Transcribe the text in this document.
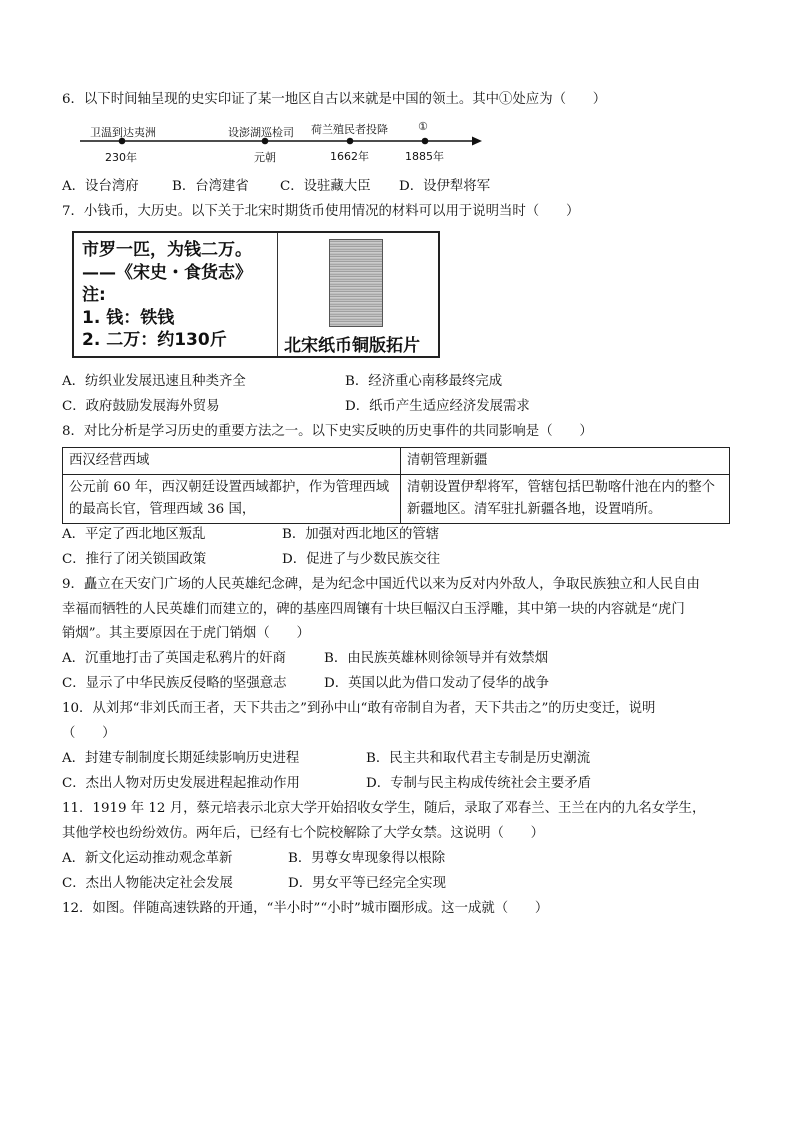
6．以下时间轴呈现的史实印证了某一地区自古以来就是中国的领土。其中①处应为（　　）
卫温到达夷洲
230年
设澎湖巡检司
元朝
荷兰殖民者投降
1662年
①
1885年
A．设台湾府 B．台湾建省 C．设驻藏大臣 D．设伊犁将军
7．小钱币，大历史。以下关于北宋时期货币使用情况的材料可以用于说明当时（　　）
市罗一匹，为钱二万。
——《宋史・食货志》
注:
1. 钱：铁钱
2. 二万：约130斤	北宋纸币铜版拓片
A．纺织业发展迅速且种类齐全	B．经济重心南移最终完成
C．政府鼓励发展海外贸易	D．纸币产生适应经济发展需求
8．对比分析是学习历史的重要方法之一。以下史实反映的历史事件的共同影响是（　　）
西汉经营西域	清朝管理新疆
公元前 60 年，西汉朝廷设置西域都护，作为管理西域的最高长官，管理西域 36 国，	清朝设置伊犁将军，管辖包括巴勒喀什池在内的整个新疆地区。清军驻扎新疆各地，设置哨所。
A．平定了西北地区叛乱	B．加强对西北地区的管辖
C．推行了闭关锁国政策	D．促进了与少数民族交往
9．矗立在天安门广场的人民英雄纪念碑，是为纪念中国近代以来为反对内外敌人，争取民族独立和人民自由
幸福而牺牲的人民英雄们而建立的，碑的基座四周镶有十块巨幅汉白玉浮雕，其中第一块的内容就是“虎门
销烟”。其主要原因在于虎门销烟（　　）
A．沉重地打击了英国走私鸦片的奸商	B．由民族英雄林则徐领导并有效禁烟
C．显示了中华民族反侵略的坚强意志	D．英国以此为借口发动了侵华的战争
10．从刘邦“非刘氏而王者，天下共击之”到孙中山“敢有帝制自为者，天下共击之”的历史变迁，说明
（　　）
A．封建专制制度长期延续影响历史进程	B．民主共和取代君主专制是历史潮流
C．杰出人物对历史发展进程起推动作用	D．专制与民主构成传统社会主要矛盾
11．1919 年 12 月，蔡元培表示北京大学开始招收女学生，随后，录取了邓春兰、王兰在内的九名女学生，
其他学校也纷纷效仿。两年后，已经有七个院校解除了大学女禁。这说明（　　）
A．新文化运动推动观念革新	B．男尊女卑现象得以根除
C．杰出人物能决定社会发展	D．男女平等已经完全实现
12．如图。伴随高速铁路的开通，“半小时”“小时”城市圈形成。这一成就（　　）
